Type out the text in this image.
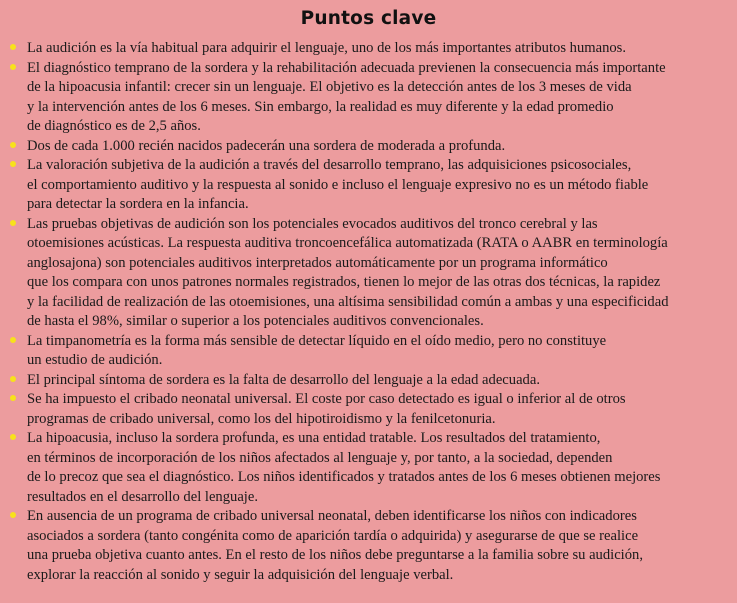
Puntos clave
La audición es la vía habitual para adquirir el lenguaje, uno de los más importantes atributos humanos.
El diagnóstico temprano de la sordera y la rehabilitación adecuada previenen la consecuencia más importante
de la hipoacusia infantil: crecer sin un lenguaje. El objetivo es la detección antes de los 3 meses de vida
y la intervención antes de los 6 meses. Sin embargo, la realidad es muy diferente y la edad promedio
de diagnóstico es de 2,5 años.
Dos de cada 1.000 recién nacidos padecerán una sordera de moderada a profunda.
La valoración subjetiva de la audición a través del desarrollo temprano, las adquisiciones psicosociales,
el comportamiento auditivo y la respuesta al sonido e incluso el lenguaje expresivo no es un método fiable
para detectar la sordera en la infancia.
Las pruebas objetivas de audición son los potenciales evocados auditivos del tronco cerebral y las
otoemisiones acústicas. La respuesta auditiva troncoencefálica automatizada (RATA o AABR en terminología
anglosajona) son potenciales auditivos interpretados automáticamente por un programa informático
que los compara con unos patrones normales registrados, tienen lo mejor de las otras dos técnicas, la rapidez
y la facilidad de realización de las otoemisiones, una altísima sensibilidad común a ambas y una especificidad
de hasta el 98%, similar o superior a los potenciales auditivos convencionales.
La timpanometría es la forma más sensible de detectar líquido en el oído medio, pero no constituye
un estudio de audición.
El principal síntoma de sordera es la falta de desarrollo del lenguaje a la edad adecuada.
Se ha impuesto el cribado neonatal universal. El coste por caso detectado es igual o inferior al de otros
programas de cribado universal, como los del hipotiroidismo y la fenilcetonuria.
La hipoacusia, incluso la sordera profunda, es una entidad tratable. Los resultados del tratamiento,
en términos de incorporación de los niños afectados al lenguaje y, por tanto, a la sociedad, dependen
de lo precoz que sea el diagnóstico. Los niños identificados y tratados antes de los 6 meses obtienen mejores
resultados en el desarrollo del lenguaje.
En ausencia de un programa de cribado universal neonatal, deben identificarse los niños con indicadores
asociados a sordera (tanto congénita como de aparición tardía o adquirida) y asegurarse de que se realice
una prueba objetiva cuanto antes. En el resto de los niños debe preguntarse a la familia sobre su audición,
explorar la reacción al sonido y seguir la adquisición del lenguaje verbal.
